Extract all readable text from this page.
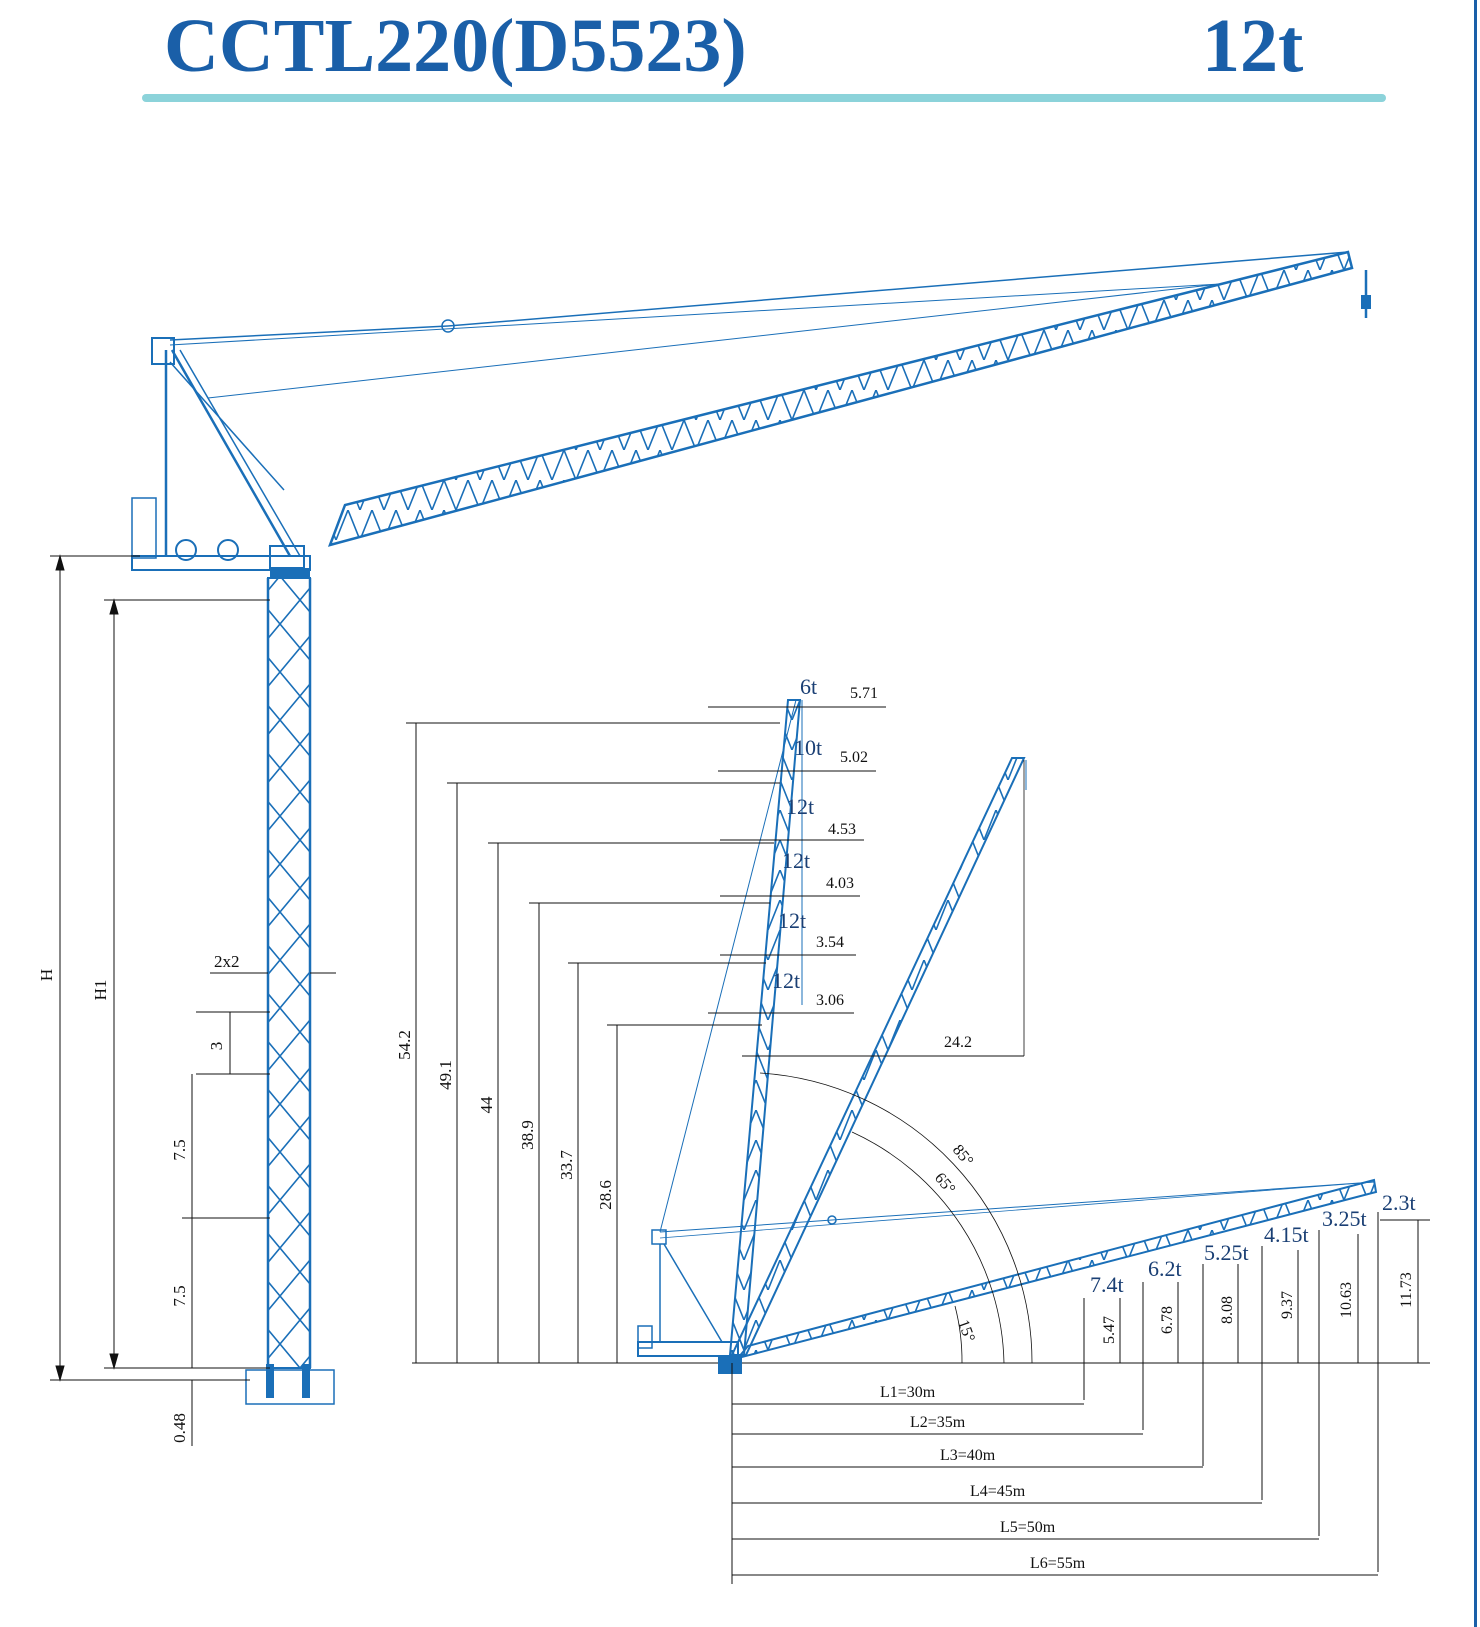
CCTL220(D5523)	12t
H
H1
2x2
3
7.5
7.5
0.48
54.2
49.1
44
38.9
33.7
28.6
6t 5.71
10t 5.02
12t
4.53
12t
4.03
12t
3.54
12t
3.06
24.2
85°
65°
15°
7.4t
5.47
6.2t
6.78
5.25t
8.08
4.15t
9.37
3.25t
10.63
2.3t
11.73
L1=30m
L2=35m
L3=40m
L4=45m
L5=50m
L6=55m
